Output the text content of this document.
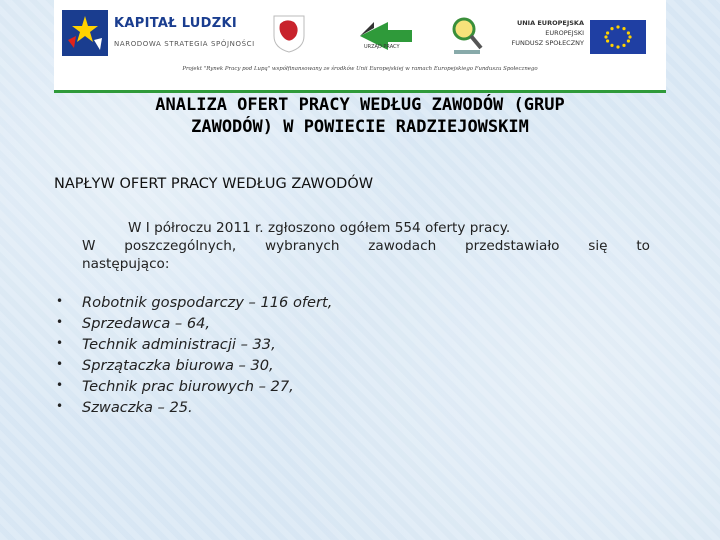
KAPITAŁ LUDZKI
NARODOWA STRATEGIA SPÓJNOŚCI	URZĄD PRACY
UNIA EUROPEJSKA
EUROPEJSKI
FUNDUSZ SPOŁECZNY
Projekt "Rynek Pracy pod Lupą" współfinansowany ze środków Unii Europejskiej w ramach Europejskiego Funduszu Społecznego
ANALIZA OFERT PRACY WEDŁUG ZAWODÓW (GRUP
ZAWODÓW) W POWIECIE RADZIEJOWSKIM
NAPŁYW OFERT PRACY WEDŁUG ZAWODÓW
W I półroczu 2011 r. zgłoszono ogółem 554 oferty pracy.
W poszczególnych, wybranych zawodach przedstawiało się to
następująco:
• Robotnik gospodarczy – 116 ofert,
• Sprzedawca – 64,
• Technik administracji – 33,
• Sprzątaczka biurowa – 30,
• Technik prac biurowych – 27,
• Szwaczka – 25.
